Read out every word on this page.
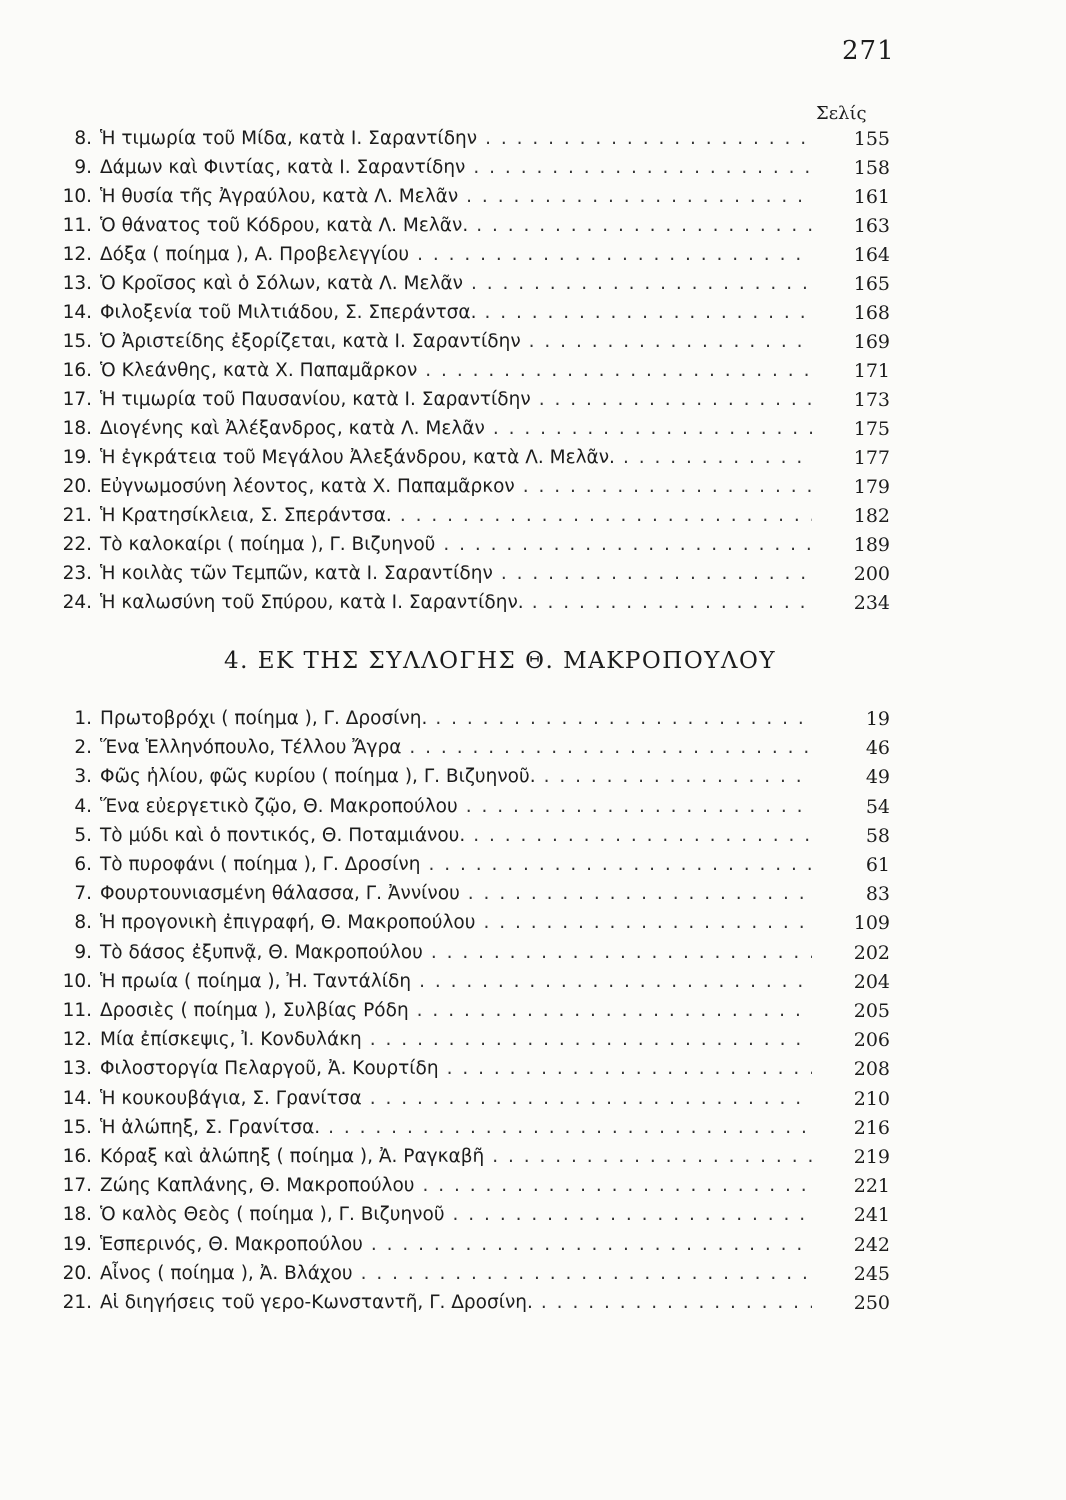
271
Σελίς
8. Ἡ τιμωρία τοῦ Μίδα, κατὰ Ι. Σαραντίδην . . .	155
9. Δάμων καὶ Φιντίας, κατὰ Ι. Σαραντίδην . . .	158
10. Ἡ θυσία τῆς Ἀγραύλου, κατὰ Λ. Μελᾶν . . .	161
11. Ὁ θάνατος τοῦ Κόδρου, κατὰ Λ. Μελᾶν. . . .	163
12. Δόξα ( ποίημα ), Α. Προβελεγγίου . . .	164
13. Ὁ Κροῖσος καὶ ὁ Σόλων, κατὰ Λ. Μελᾶν . . .	165
14. Φιλοξενία τοῦ Μιλτιάδου, Σ. Σπεράντσα. . . .	168
15. Ὁ Ἀριστείδης ἐξορίζεται, κατὰ Ι. Σαραντίδην . . .	169
16. Ὁ Κλεάνθης, κατὰ Χ. Παπαμᾶρκον . . .	171
17. Ἡ τιμωρία τοῦ Παυσανίου, κατὰ Ι. Σαραντίδην . . .	173
18. Διογένης καὶ Ἀλέξανδρος, κατὰ Λ. Μελᾶν . . .	175
19. Ἡ ἐγκράτεια τοῦ Μεγάλου Ἀλεξάνδρου, κατὰ Λ. Μελᾶν. . . .	177
20. Εὐγνωμοσύνη λέοντος, κατὰ Χ. Παπαμᾶρκον . . .	179
21. Ἡ Κρατησίκλεια, Σ. Σπεράντσα. . . .	182
22. Τὸ καλοκαίρι ( ποίημα ), Γ. Βιζυηνοῦ . . .	189
23. Ἡ κοιλὰς τῶν Τεμπῶν, κατὰ Ι. Σαραντίδην . . .	200
24. Ἡ καλωσύνη τοῦ Σπύρου, κατὰ Ι. Σαραντίδην. . . .	234
4. ΕΚ ΤΗΣ ΣΥΛΛΟΓΗΣ Θ. ΜΑΚΡΟΠΟΥΛΟΥ
1. Πρωτοβρόχι ( ποίημα ), Γ. Δροσίνη. . . .	19
2. Ἕνα Ἑλληνόπουλο, Τέλλου Ἄγρα . . .	46
3. Φῶς ἡλίου, φῶς κυρίου ( ποίημα ), Γ. Βιζυηνοῦ. . . .	49
4. Ἕνα εὐεργετικὸ ζῷο, Θ. Μακροπούλου . . .	54
5. Τὸ μύδι καὶ ὁ ποντικός, Θ. Ποταμιάνου. . . .	58
6. Τὸ πυροφάνι ( ποίημα ), Γ. Δροσίνη . . .	61
7. Φουρτουνιασμένη θάλασσα, Γ. Ἀννίνου . . .	83
8. Ἡ προγονικὴ ἐπιγραφή, Θ. Μακροπούλου . . .	109
9. Τὸ δάσος ἐξυπνᾷ, Θ. Μακροπούλου . . .	202
10. Ἡ πρωία ( ποίημα ), Ἠ. Ταντάλίδη . . .	204
11. Δροσιὲς ( ποίημα ), Συλβίας Ρόδη . . .	205
12. Μία ἐπίσκεψις, Ἰ. Κονδυλάκη . . .	206
13. Φιλοστοργία Πελαργοῦ, Ἀ. Κουρτίδη . . .	208
14. Ἡ κουκουβάγια, Σ. Γρανίτσα . . .	210
15. Ἡ ἀλώπηξ, Σ. Γρανίτσα. . . .	216
16. Κόραξ καὶ ἀλώπηξ ( ποίημα ), Ἀ. Ραγκαβῆ . . .	219
17. Ζώης Καπλάνης, Θ. Μακροπούλου . . .	221
18. Ὁ καλὸς Θεὸς ( ποίημα ), Γ. Βιζυηνοῦ . . .	241
19. Ἑσπερινός, Θ. Μακροπούλου . . .	242
20. Αἶνος ( ποίημα ), Ἀ. Βλάχου . . .	245
21. Αἱ διηγήσεις τοῦ γερο-Κωνσταντῆ, Γ. Δροσίνη. . . .	250
